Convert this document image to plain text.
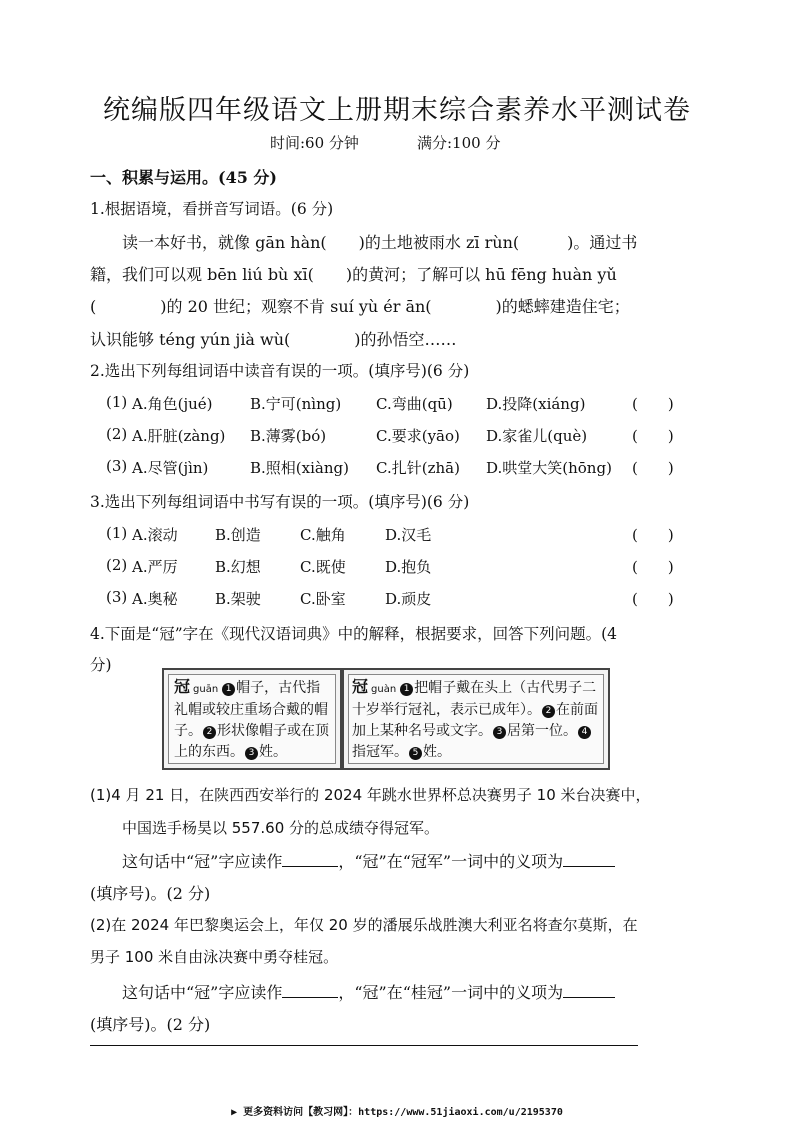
统编版四年级语文上册期末综合素养水平测试卷
时间:60 分钟	满分:100 分
一、积累与运用。(45 分)
1.根据语境，看拼音写词语。(6 分)
读一本好书，就像 gān hàn(　　)的土地被雨水 zī rùn(　　　)。通过书
籍，我们可以观 bēn liú bù xī(　　)的黄河；了解可以 hū fēng huàn yǔ
(　　　　)的 20 世纪；观察不肯 suí yù ér ān(　　　　)的蟋蟀建造住宅；
认识能够 téng yún jià wù(　　　　)的孙悟空……
2.选出下列每组词语中读音有误的一项。(填序号)(6 分)
(1) A.角色(jué)	B.宁可(nìng) C.弯曲(qū) D.投降(xiáng)	(　　)
(2) A.肝脏(zàng) B.薄雾(bó)	C.要求(yāo) D.家雀儿(què)	(　　)
(3) A.尽管(jìn)	B.照相(xiàng) C.扎针(zhā) D.哄堂大笑(hōng) (　　)
3.选出下列每组词语中书写有误的一项。(填序号)(6 分)
(1) A.滚动 B.创造	C.触角	D.汉毛	(　　)
(2) A.严厉 B.幻想	C.既使	D.抱负	(　　)
(3) A.奥秘 B.架驶	C.卧室	D.顽皮	(　　)
4.下面是“冠”字在《现代汉语词典》中的解释，根据要求，回答下列问题。(4
分)
冠guān 1 帽子，古代指礼帽或较庄重场合戴的帽子。 2 形状像帽子或在顶上的东西。 3 姓。
冠guàn 1 把帽子戴在头上（古代男子二十岁举行冠礼，表示已成年）。 2 在前面加上某种名号或文字。 3 居第一位。 4指冠军。 5 姓。
(1)4 月 21 日，在陕西西安举行的 2024 年跳水世界杯总决赛男子 10 米台决赛中，
中国选手杨昊以 557.60 分的总成绩夺得冠军。
这句话中“冠”字应读作	，“冠”在“冠军”一词中的义项为
(填序号)。(2 分)
(2)在 2024 年巴黎奥运会上，年仅 20 岁的潘展乐战胜澳大利亚名将查尔莫斯，在
男子 100 米自由泳决赛中勇夺桂冠。
这句话中“冠”字应读作	，“冠”在“桂冠”一词中的义项为
(填序号)。(2 分)
▶ 更多资料访问【教习网】：https://www.51jiaoxi.com/u/2195370
